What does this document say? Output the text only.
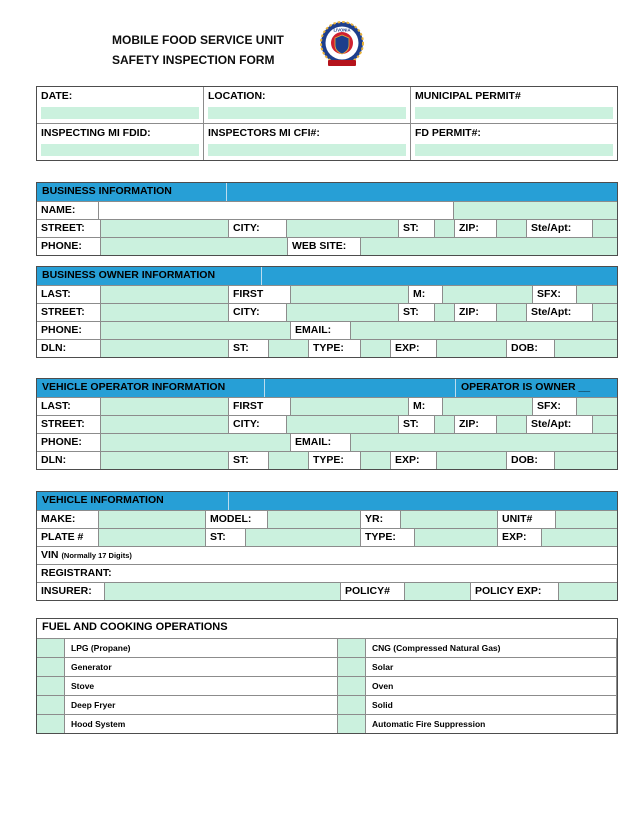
MOBILE FOOD SERVICE UNIT
SAFETY INSPECTION FORM
LIVONIA
DATE:	LOCATION:	MUNICIPAL PERMIT#
INSPECTING MI FDID:	INSPECTORS MI CFI#:	FD PERMIT#:
BUSINESS INFORMATION
NAME:
STREET:	CITY:	ST:	ZIP:	Ste/Apt:
PHONE:	WEB SITE:
BUSINESS OWNER INFORMATION
LAST:	FIRST	M:	SFX:
STREET:	CITY:	ST:	ZIP:	Ste/Apt:
PHONE:	EMAIL:
DLN:	ST:	TYPE:	EXP:	DOB:
VEHICLE OPERATOR INFORMATION	OPERATOR IS OWNER __
LAST:	FIRST	M:	SFX:
STREET:	CITY:	ST:	ZIP:	Ste/Apt:
PHONE:	EMAIL:
DLN:	ST:	TYPE:	EXP:	DOB:
VEHICLE INFORMATION
MAKE:	MODEL:	YR:	UNIT#
PLATE #	ST:	TYPE:	EXP:
VIN (Normally 17 Digits)
REGISTRANT:
INSURER:	POLICY#	POLICY EXP:
FUEL AND COOKING OPERATIONS
LPG (Propane)	CNG (Compressed Natural Gas)
Generator	Solar
Stove	Oven
Deep Fryer	Solid
Hood System	Automatic Fire Suppression
